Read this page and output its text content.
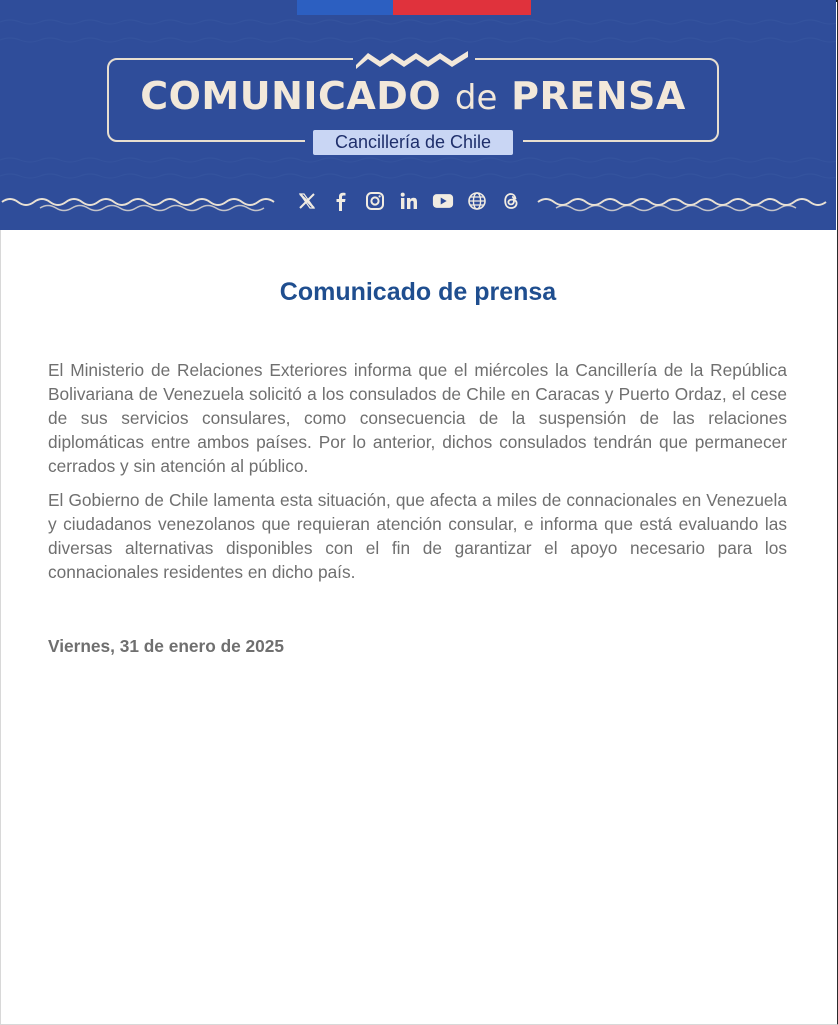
COMUNICADO de PRENSA
Cancillería de Chile
Comunicado de prensa

El Ministerio de Relaciones Exteriores informa que el miércoles la Cancillería de la República Bolivariana de Venezuela solicitó a los consulados de Chile en Caracas y Puerto Ordaz, el cese de sus servicios consulares, como consecuencia de la suspensión de las relaciones diplomáticas entre ambos países. Por lo anterior, dichos consulados tendrán que permanecer cerrados y sin atención al público.

El Gobierno de Chile lamenta esta situación, que afecta a miles de connacionales en Venezuela y ciudadanos venezolanos que requieran atención consular, e informa que está evaluando las diversas alternativas disponibles con el fin de garantizar el apoyo necesario para los connacionales residentes en dicho país.

Viernes, 31 de enero de 2025
